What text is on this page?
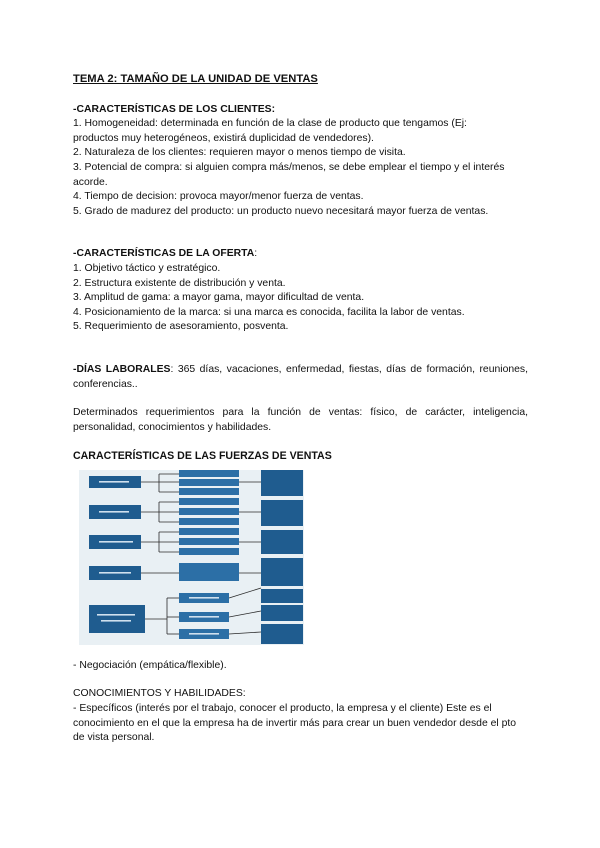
TEMA 2: TAMAÑO DE LA UNIDAD DE VENTAS
-CARACTERÍSTICAS DE LOS CLIENTES:
1. Homogeneidad: determinada en función de la clase de producto que tengamos (Ej:
productos muy heterogéneos, existirá duplicidad de vendedores).
2. Naturaleza de los clientes: requieren mayor o menos tiempo de visita.
3. Potencial de compra: si alguien compra más/menos, se debe emplear el tiempo y el interés
acorde.
4. Tiempo de decision: provoca mayor/menor fuerza de ventas.
5. Grado de madurez del producto: un producto nuevo necesitará mayor fuerza de ventas.
-CARACTERÍSTICAS DE LA OFERTA:
1. Objetivo táctico y estratégico.
2. Estructura existente de distribución y venta.
3. Amplitud de gama: a mayor gama, mayor dificultad de venta.
4. Posicionamiento de la marca: si una marca es conocida, facilita la labor de ventas.
5. Requerimiento de asesoramiento, posventa.
-DÍAS LABORALES: 365 días, vacaciones, enfermedad, fiestas, días de formación, reuniones, conferencias..
Determinados requerimientos para la función de ventas: físico, de carácter, inteligencia, personalidad, conocimientos y habilidades.
CARACTERÍSTICAS DE LAS FUERZAS DE VENTAS
- Negociación (empática/flexible).
CONOCIMIENTOS Y HABILIDADES:
- Específicos (interés por el trabajo, conocer el producto, la empresa y el cliente) Este es el conocimiento en el que la empresa ha de invertir más para crear un buen vendedor desde el pto de vista personal.
